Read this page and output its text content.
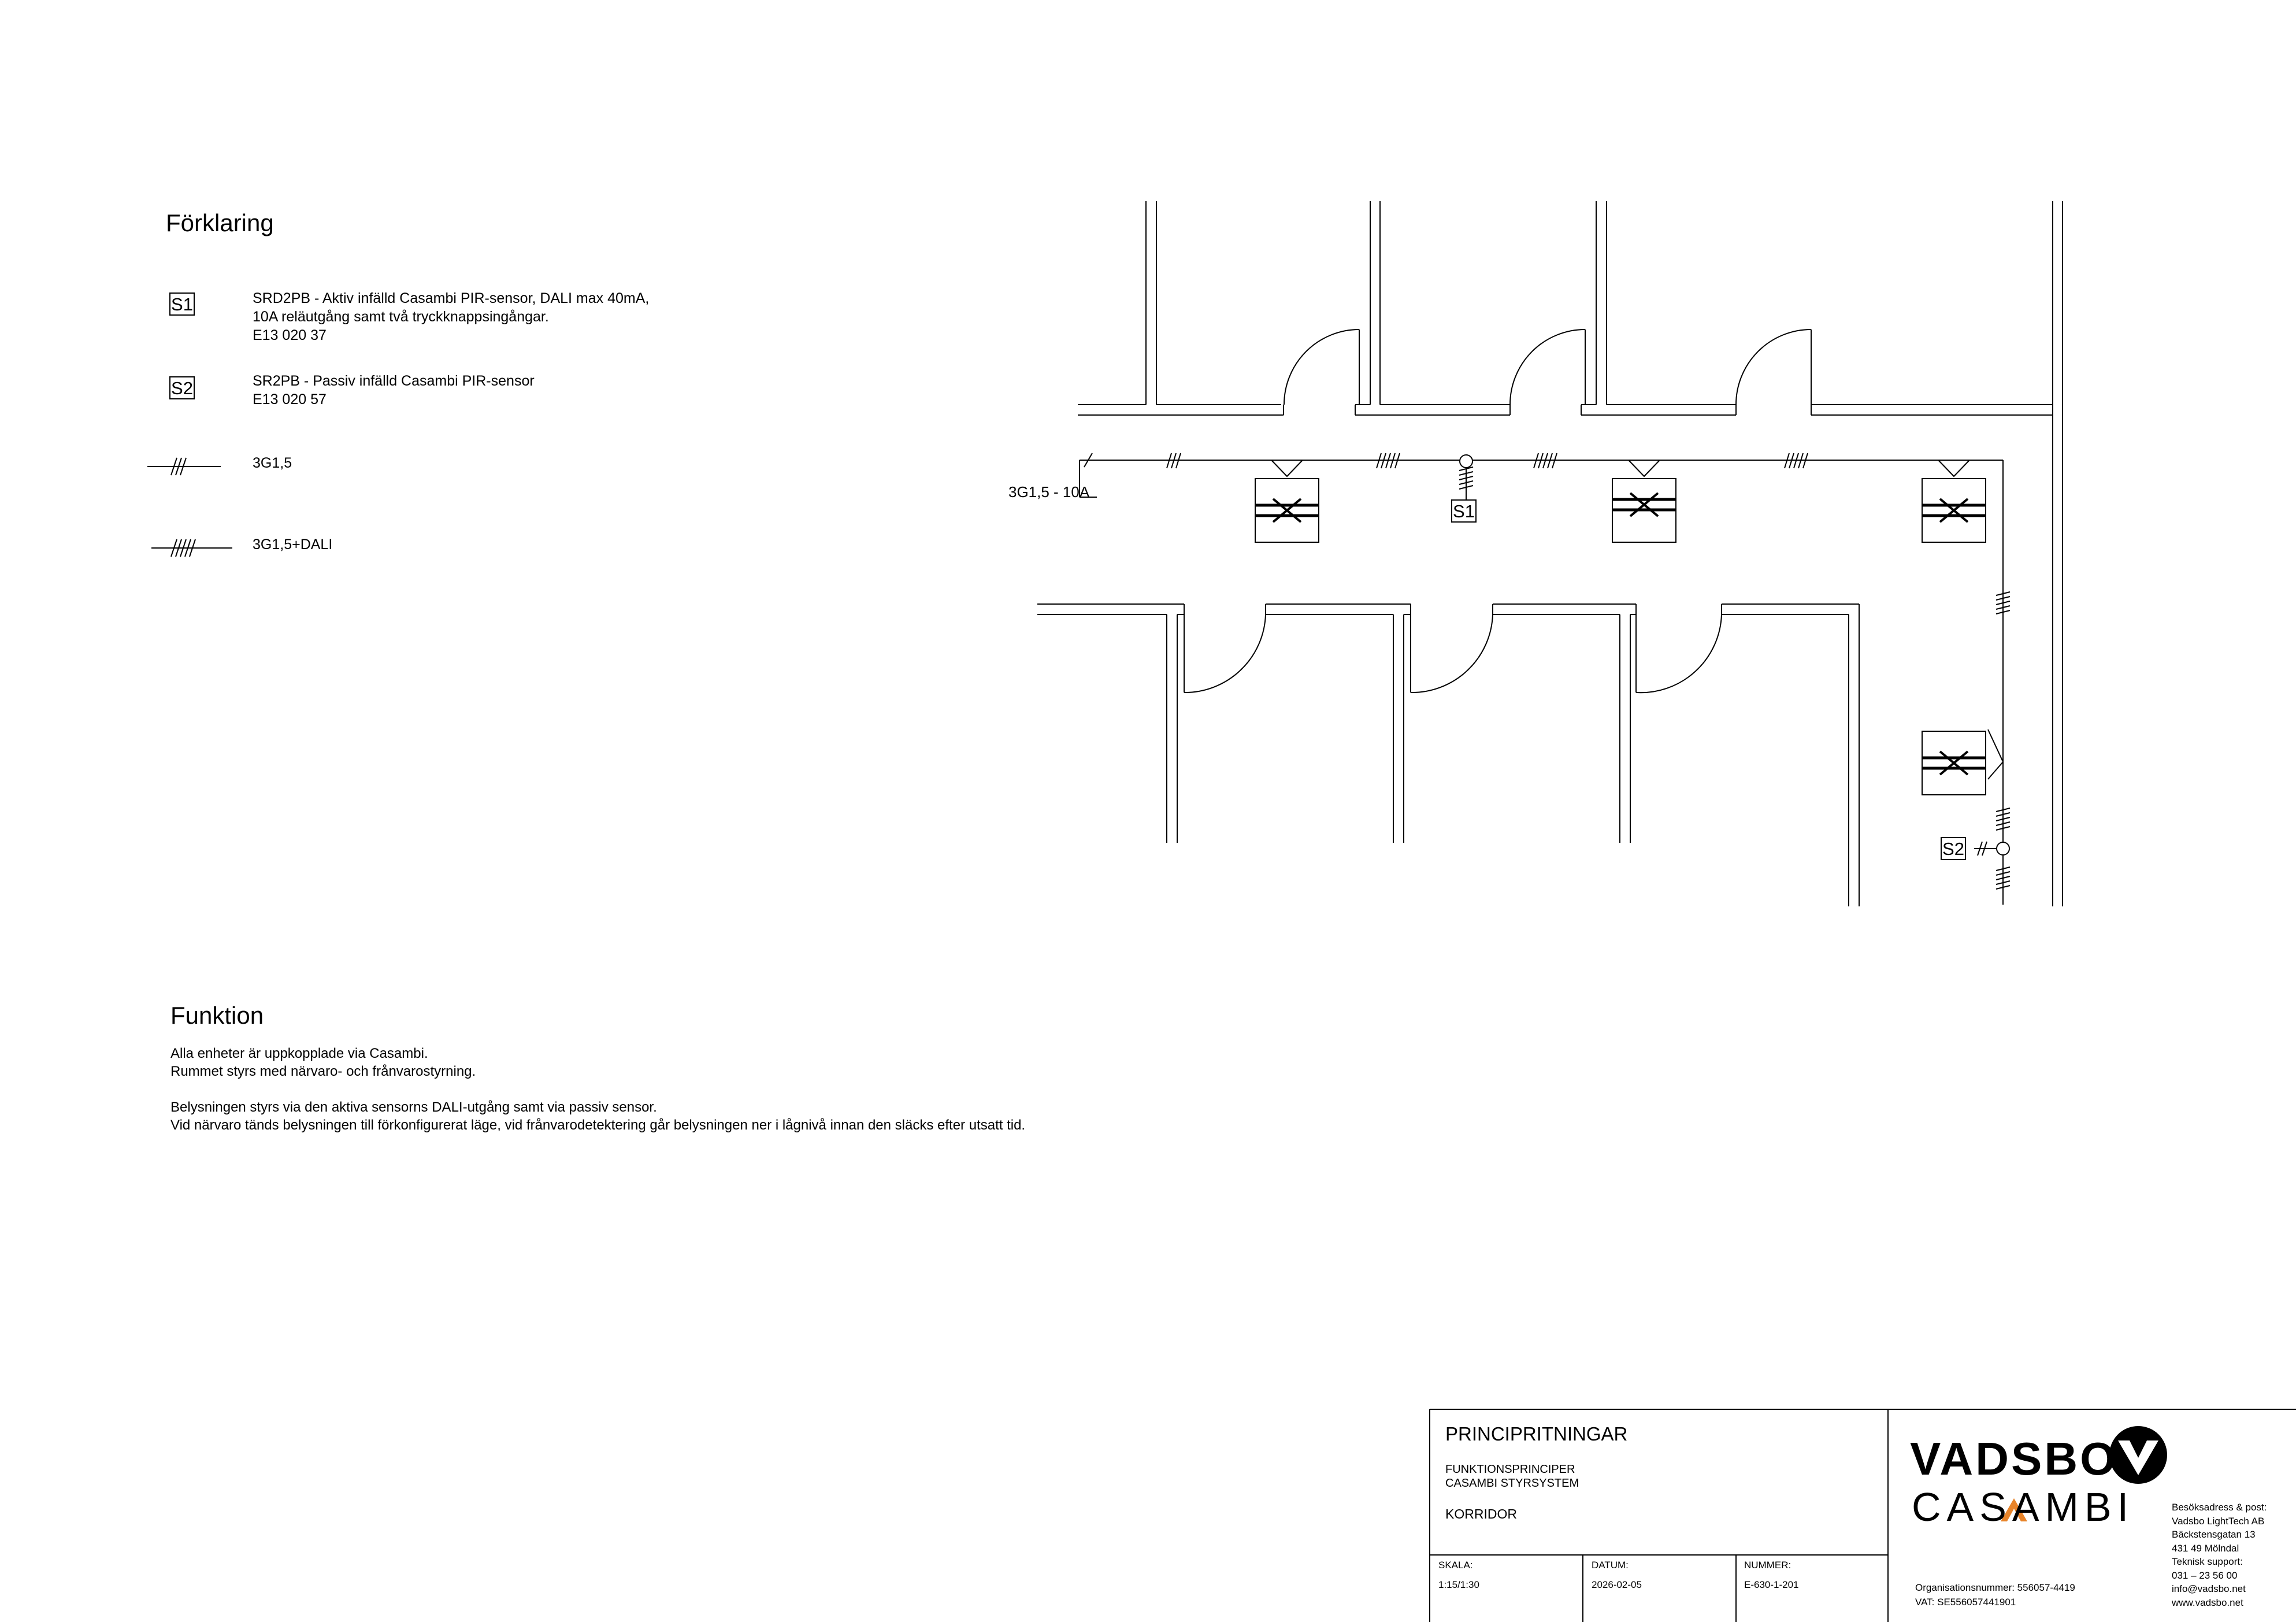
Förklaring
S1	SRD2PB - Aktiv infälld Casambi PIR-sensor, DALI max 40mA,
10A reläutgång samt två tryckknappsingångar.
E13 020 37
S2	SR2PB - Passiv infälld Casambi PIR-sensor
E13 020 57
3G1,5
3G1,5+DALI
3G1,5 - 10A
S1
S2
Funktion
Alla enheter är uppkopplade via Casambi.
Rummet styrs med närvaro- och frånvarostyrning.
Belysningen styrs via den aktiva sensorns DALI-utgång samt via passiv sensor.
Vid närvaro tänds belysningen till förkonfigurerat läge, vid frånvarodetektering går belysningen ner i lågnivå innan den släcks efter utsatt tid.
PRINCIPRITNINGAR
FUNKTIONSPRINCIPER
CASAMBI STYRSYSTEM
KORRIDOR
SKALA:
1:15/1:30
DATUM:
2026-02-05
NUMMER:
E-630-1-201
VADSBO
CASAMBI
Organisationsnummer: 556057-4419
VAT: SE556057441901
Besöksadress & post:
Vadsbo LightTech AB
Bäckstensgatan 13
431 49 Mölndal
Teknisk support:
031 – 23 56 00
info@vadsbo.net
www.vadsbo.net
